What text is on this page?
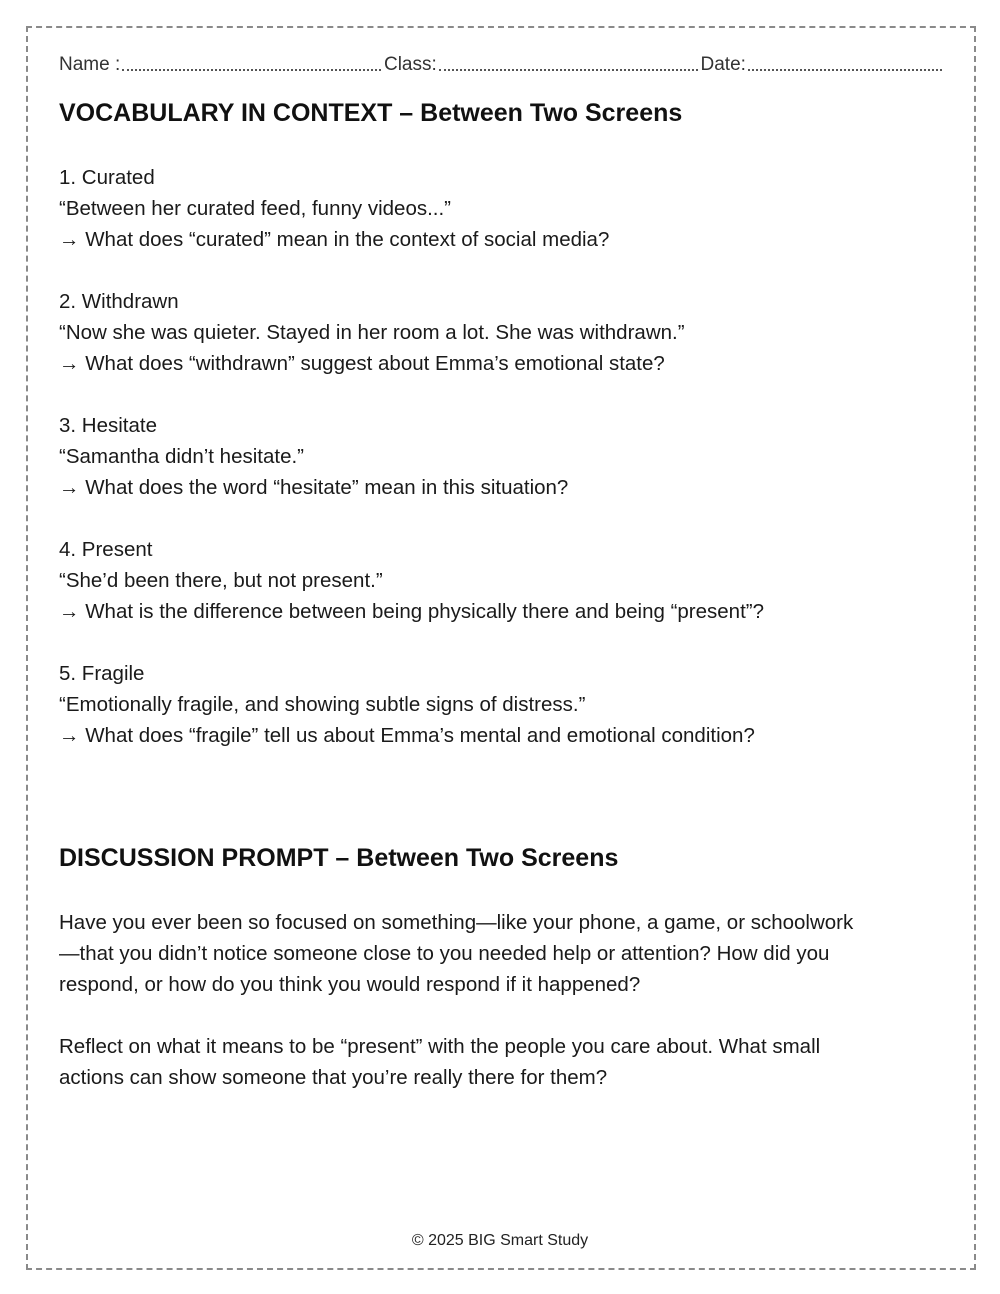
Name :	Class:	Date:
VOCABULARY IN CONTEXT – Between Two Screens
1. Curated
“Between her curated feed, funny videos...”
→ What does “curated” mean in the context of social media?
2. Withdrawn
“Now she was quieter. Stayed in her room a lot. She was withdrawn.”
→ What does “withdrawn” suggest about Emma’s emotional state?
3. Hesitate
“Samantha didn’t hesitate.”
→ What does the word “hesitate” mean in this situation?
4. Present
“She’d been there, but not present.”
→ What is the difference between being physically there and being “present”?
5. Fragile
“Emotionally fragile, and showing subtle signs of distress.”
→ What does “fragile” tell us about Emma’s mental and emotional condition?
DISCUSSION PROMPT – Between Two Screens
Have you ever been so focused on something—like your phone, a game, or schoolwork
—that you didn’t notice someone close to you needed help or attention? How did you
respond, or how do you think you would respond if it happened?
Reflect on what it means to be “present” with the people you care about. What small
actions can show someone that you’re really there for them?
© 2025 BIG Smart Study
